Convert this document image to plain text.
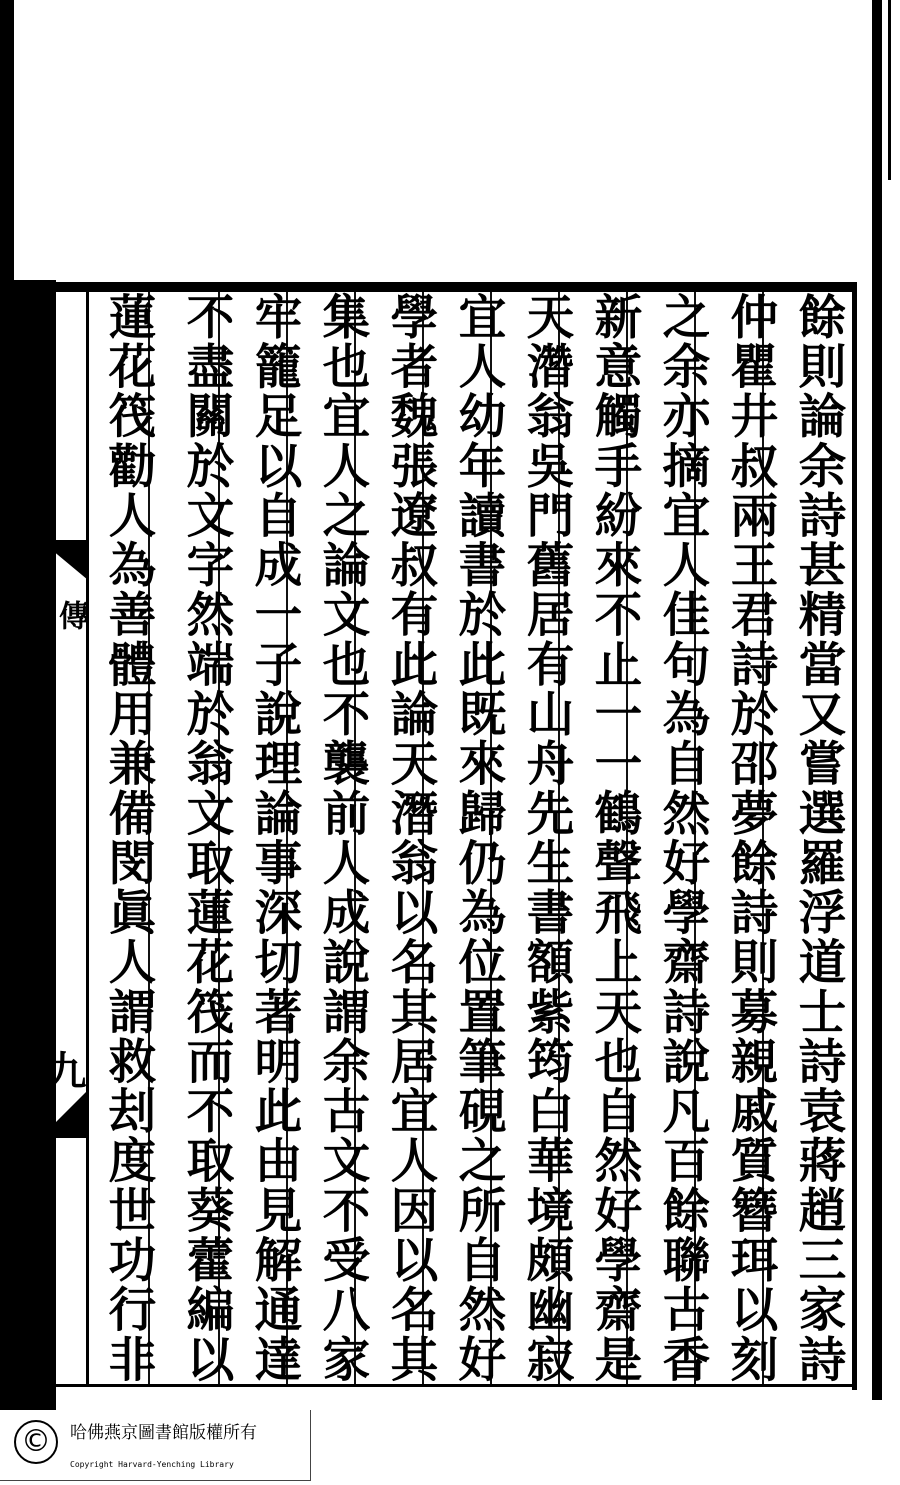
傳
九	餘則論余詩甚精當又嘗選羅浮道士詩袁蔣趙三家詩
仲瞿井叔兩王君詩於邵夢餘詩則募親戚質簪珥以刻
之余亦摘宜人佳句為自然好學齋詩說凡百餘聯古香
新意觸手紛來不止一一鶴聲飛上天也自然好學齋是
天濳翁吳門舊居有山舟先生書額紫筠白華境頗幽寂
宜人幼年讀書於此既來歸仍為位置筆硯之所自然好
學者魏張遼叔有此論天潛翁以名其居宜人因以名其
集也宜人之論文也不襲前人成說謂余古文不受八家
牢籠足以自成一子說理論事深切著明此由見解通達
不盡關於文字然端於翁文取蓮花筏而不取葵藿編以
蓮花筏勸人為善體用兼備閔眞人謂救刦度世功行非
©	哈佛燕京圖書館版權所有
Copyright Harvard-Yenching Library
